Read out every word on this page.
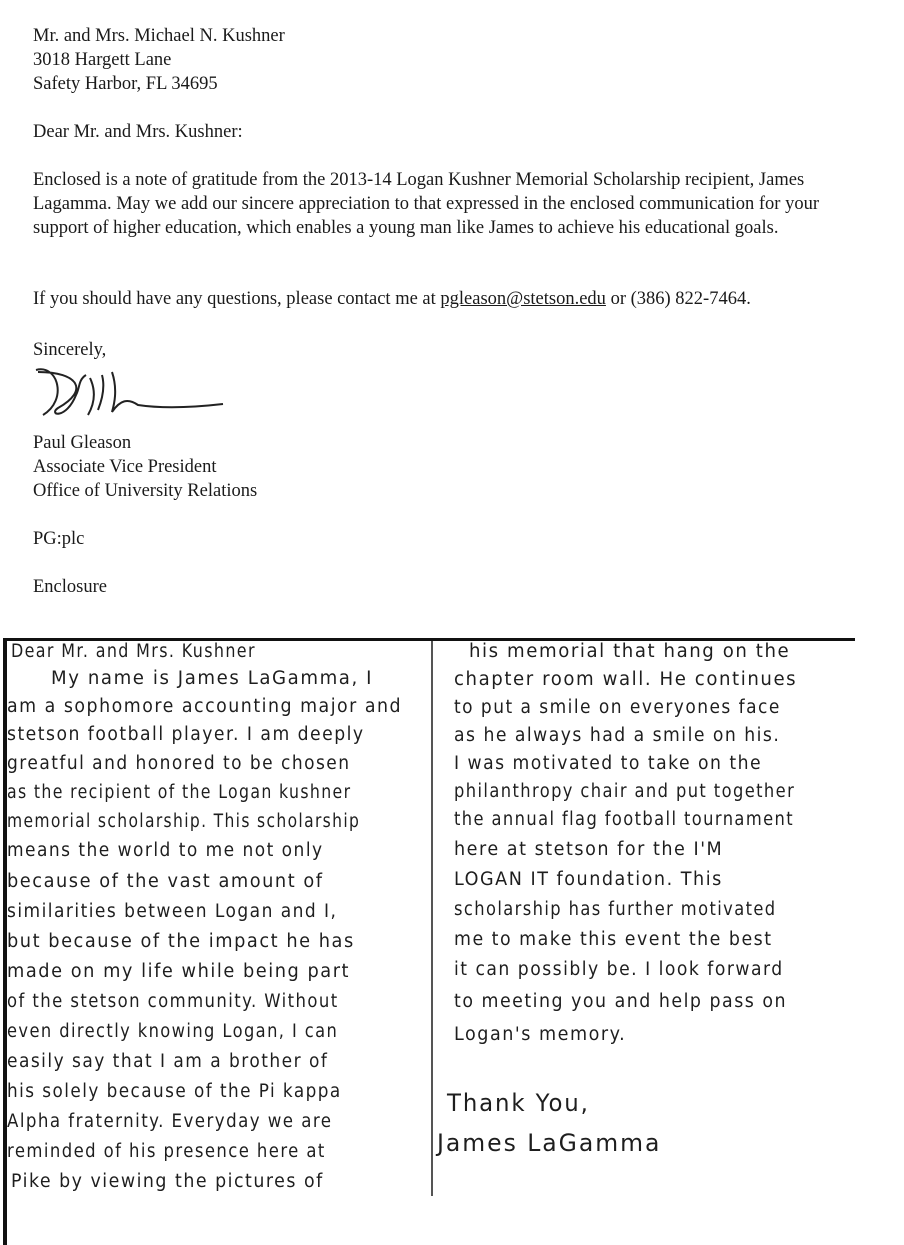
Mr. and Mrs. Michael N. Kushner

3018 Hargett Lane

Safety Harbor, FL 34695

Dear Mr. and Mrs. Kushner:

Enclosed is a note of gratitude from the 2013-14 Logan Kushner Memorial Scholarship recipient, James Lagamma. May we add our sincere appreciation to that expressed in the enclosed communication for your support of higher education, which enables a young man like James to achieve his educational goals.

If you should have any questions, please contact me at pgleason@stetson.edu or (386) 822-7464.

Sincerely,

Paul Gleason

Associate Vice President

Office of University Relations

PG:plc

Enclosure

Dear Mr. and Mrs. Kushner
My name is James LaGamma, I
am a sophomore accounting major and
stetson football player. I am deeply
greatful and honored to be chosen
as the recipient of the Logan kushner
memorial scholarship. This scholarship
means the world to me not only
because of the vast amount of
similarities between Logan and I,
but because of the impact he has
made on my life while being part
of the stetson community. Without
even directly knowing Logan, I can
easily say that I am a brother of
his solely because of the Pi kappa
Alpha fraternity. Everyday we are
reminded of his presence here at
Pike by viewing the pictures of
his memorial that hang on the
chapter room wall. He continues
to put a smile on everyones face
as he always had a smile on his.
I was motivated to take on the
philanthropy chair and put together
the annual flag football tournament
here at stetson for the I'M
LOGAN IT foundation. This
scholarship has further motivated
me to make this event the best
it can possibly be. I look forward
to meeting you and help pass on
Logan's memory.
Thank You,
James LaGamma
